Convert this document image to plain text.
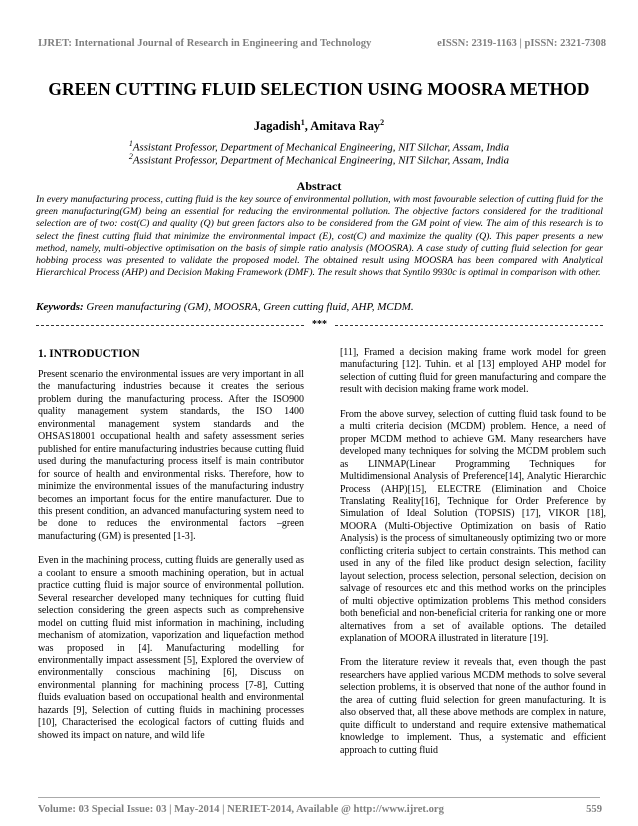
IJRET: International Journal of Research in Engineering and Technology	eISSN: 2319-1163 | pISSN: 2321-7308
GREEN CUTTING FLUID SELECTION USING MOOSRA METHOD
Jagadish$^1$, Amitava Ray$^2$
$^1$Assistant Professor, Department of Mechanical Engineering, NIT Silchar, Assam, India
$^2$Assistant Professor, Department of Mechanical Engineering, NIT Silchar, Assam, India
Abstract

In every manufacturing process, cutting fluid is the key source of environmental pollution, with most favourable selection of cutting fluid for the green manufacturing(GM) being an essential for reducing the environmental pollution. The objective factors considered for the traditional selection are of two: cost(C) and quality (Q) but green factors also to be considered from the GM point of view. The aim of this research is to select the finest cutting fluid that minimize the environmental impact (E), cost(C) and maximize the quality (Q). This paper presents a new method, namely, multi-objective optimisation on the basis of simple ratio analysis (MOOSRA). A case study of cutting fluid selection for gear hobbing process was presented to validate the proposed model. The obtained result using MOOSRA has been compared with Analytical Hierarchical Process (AHP) and Decision Making Framework (DMF). The result shows that Syntilo 9930c is optimal in comparison with other.

Keywords: Green manufacturing (GM), MOOSRA, Green cutting fluid, AHP, MCDM.
***
1. INTRODUCTION

Present scenario the environmental issues are very important in all the manufacturing industries because it creates the serious problem during the manufacturing process. After the ISO900 quality management system standards, the ISO 1400 environmental management system standards and the OHSAS18001 occupational health and safety assessment series published for entire manufacturing industries because cutting fluid used during the manufacturing process itself is main contributor for source of health and environmental risks. Therefore, how to minimize the environmental issues of the manufacturing industry becomes an important focus for the entire manufacturer. Due to this present condition, an advanced manufacturing system need to be done to reduces the environmental factors –green manufacturing (GM) is presented [1-3].

Even in the machining process, cutting fluids are generally used as a coolant to ensure a smooth machining operation, but in actual practice cutting fluid is major source of environmental pollution. Several researcher developed many techniques for cutting fluid selection considering the green aspects such as comprehensive model on cutting fluid mist information in machining, including mechanism of atomization, vaporization and liquefaction method was proposed in [4]. Manufacturing modelling for environmentally impact assessment [5], Explored the overview of environmentally conscious machining [6], Discuss on environmental planning for machining process [7-8], Cutting fluids evaluation based on occupational health and environmental hazards [9], Selection of cutting fluids in machining processes [10], Characterised the ecological factors of cutting fluids and showed its impact on nature, and wild life

[11], Framed a decision making frame work model for green manufacturing [12]. Tuhin. et al [13] employed AHP model for selection of cutting fluid for green manufacturing and compare the result with decision making frame work model.

From the above survey, selection of cutting fluid task found to be a multi criteria decision (MCDM) problem. Hence, a need of proper MCDM method to achieve GM. Many researchers have developed many techniques for solving the MCDM problem such as LINMAP(Linear Programming Techniques for Multidimensional Analysis of Preference[14], Analytic Hierarchic Process (AHP)[15], ELECTRE (Elimination and Choice Translating Reality[16], Technique for Order Preference by Simulation of Ideal Solution (TOPSIS) [17], VIKOR [18], MOORA (Multi-Objective Optimization on basis of Ratio Analysis) is the process of simultaneously optimizing two or more conflicting criteria subject to certain constraints. This method can used in any of the filed like product design selection, facility layout selection, process selection, personal selection, decision on salvage of resources etc and this method works on the principles of multi objective optimization problems This method considers both beneficial and non-beneficial criteria for ranking one or more alternatives from a set of available options. The detailed explanation of MOORA illustrated in literature [19].

From the literature review it reveals that, even though the past researchers have applied various MCDM methods to solve several selection problems, it is observed that none of the author found in the area of cutting fluid selection for green manufacturing. It is also observed that, all these above methods are complex in nature, quite difficult to understand and require extensive mathematical knowledge to implement. Thus, a systematic and efficient approach to cutting fluid

Volume: 03 Special Issue: 03 | May-2014 | NERIET-2014, Available @ http://www.ijret.org	559
